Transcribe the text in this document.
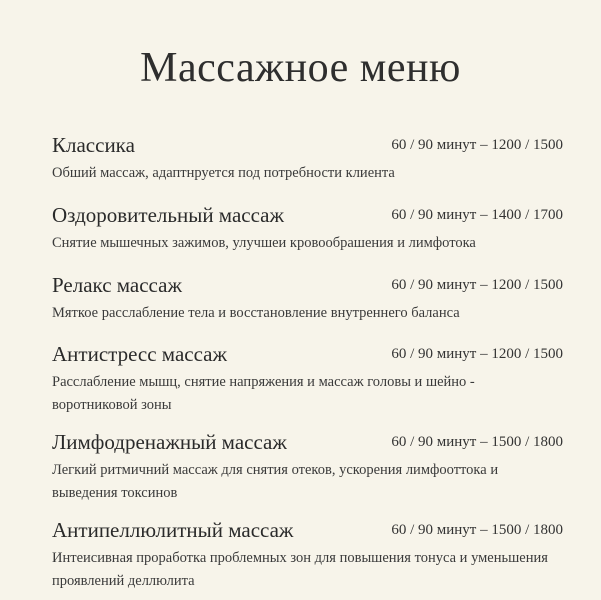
Массажное меню
Классика	60 / 90 минут – 1200 / 1500
Обший массаж, адаптнруется под потребности клиента
Оздоровительный массаж	60 / 90 минут – 1400 / 1700
Снятие мышечных зажимов, улучшеи кровообрашения и лимфотока
Релакс массаж	60 / 90 минут – 1200 / 1500
Мяткое расслабление тела и восстановление внутреннего баланса
Антистресс массаж	60 / 90 минут – 1200 / 1500
Расслабление мышц, снятие напряжения и массаж головы и шейно - воротниковой зоны
Лимфодренажный массаж	60 / 90 минут – 1500 / 1800
Легкий ритмичний массаж для снятия отеков, ускорения лимфооттока и выведения токсинов
Антипеллюлитный массаж	60 / 90 минут – 1500 / 1800
Интеисивная проработка проблемных зон для повышения тонуса и уменьшения проявлений деллюлита
